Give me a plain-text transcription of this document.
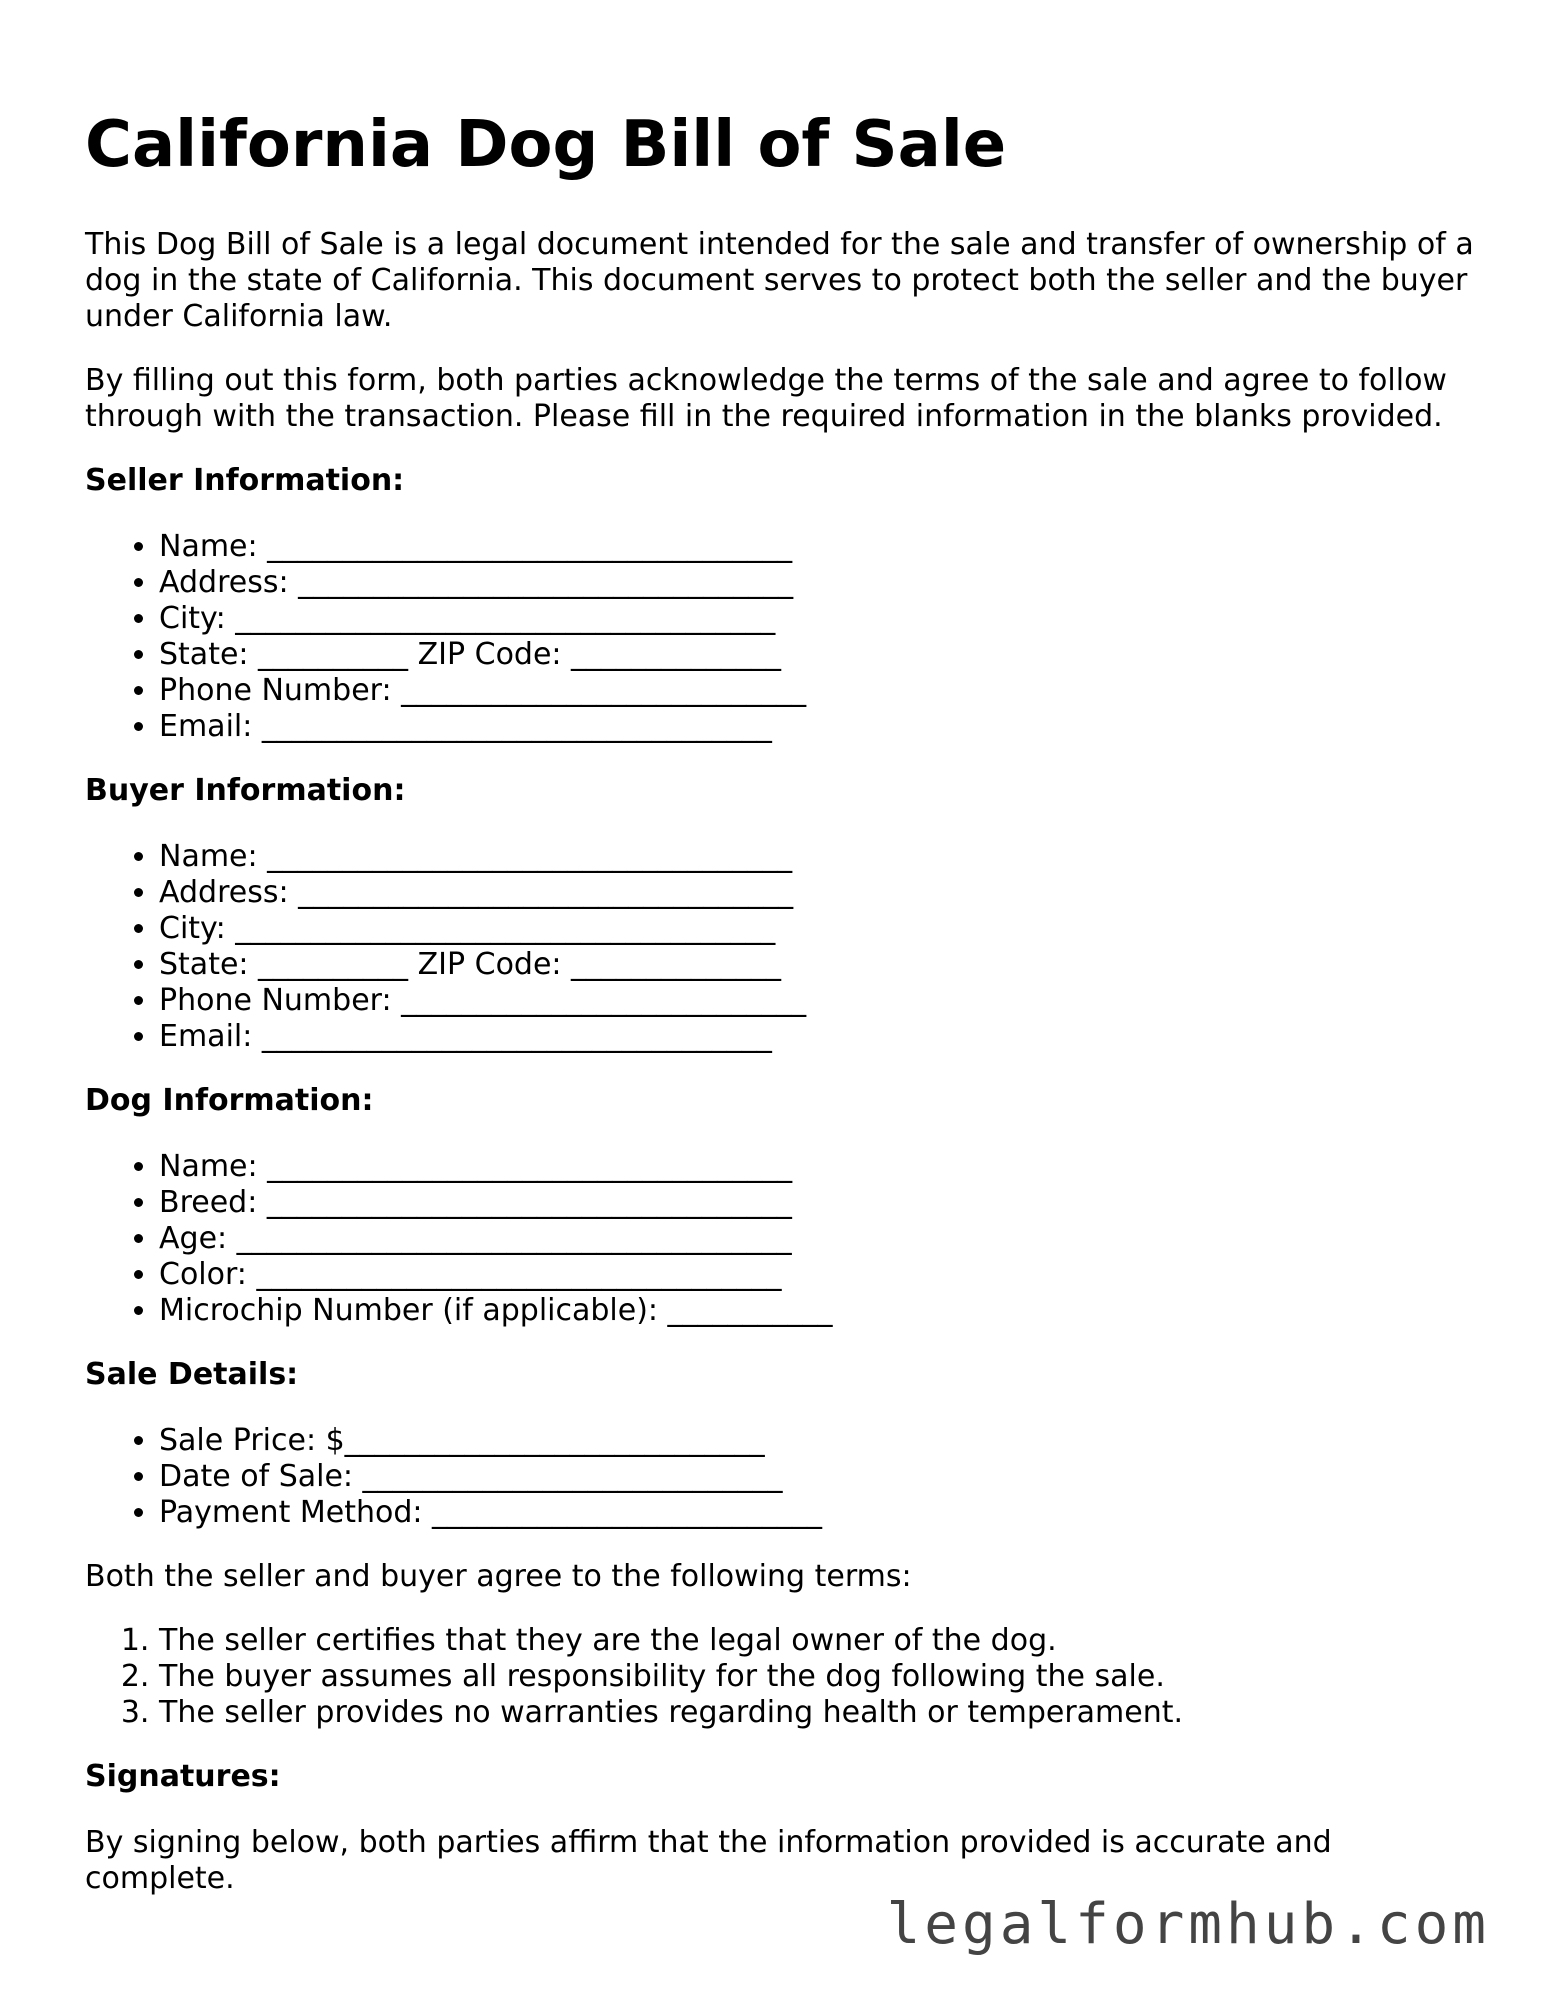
California Dog Bill of Sale

This Dog Bill of Sale is a legal document intended for the sale and transfer of ownership of a dog in the state of California. This document serves to protect both the seller and the buyer under California law.

By filling out this form, both parties acknowledge the terms of the sale and agree to follow through with the transaction. Please fill in the required information in the blanks provided.

Seller Information:
• Name: ___________________________________
• Address: _________________________________
• City: ____________________________________
• State: __________ ZIP Code: ______________
• Phone Number: ___________________________
• Email: __________________________________
Buyer Information:
• Name: ___________________________________
• Address: _________________________________
• City: ____________________________________
• State: __________ ZIP Code: ______________
• Phone Number: ___________________________
• Email: __________________________________
Dog Information:
• Name: ___________________________________
• Breed: ___________________________________
• Age: _____________________________________
• Color: ___________________________________
• Microchip Number (if applicable): ___________
Sale Details:
• Sale Price: $____________________________
• Date of Sale: ____________________________
• Payment Method: __________________________

Both the seller and buyer agree to the following terms:

1. The seller certifies that they are the legal owner of the dog.
2. The buyer assumes all responsibility for the dog following the sale.
3. The seller provides no warranties regarding health or temperament.
Signatures:

By signing below, both parties affirm that the information provided is accurate and complete.

legalformhub.com
